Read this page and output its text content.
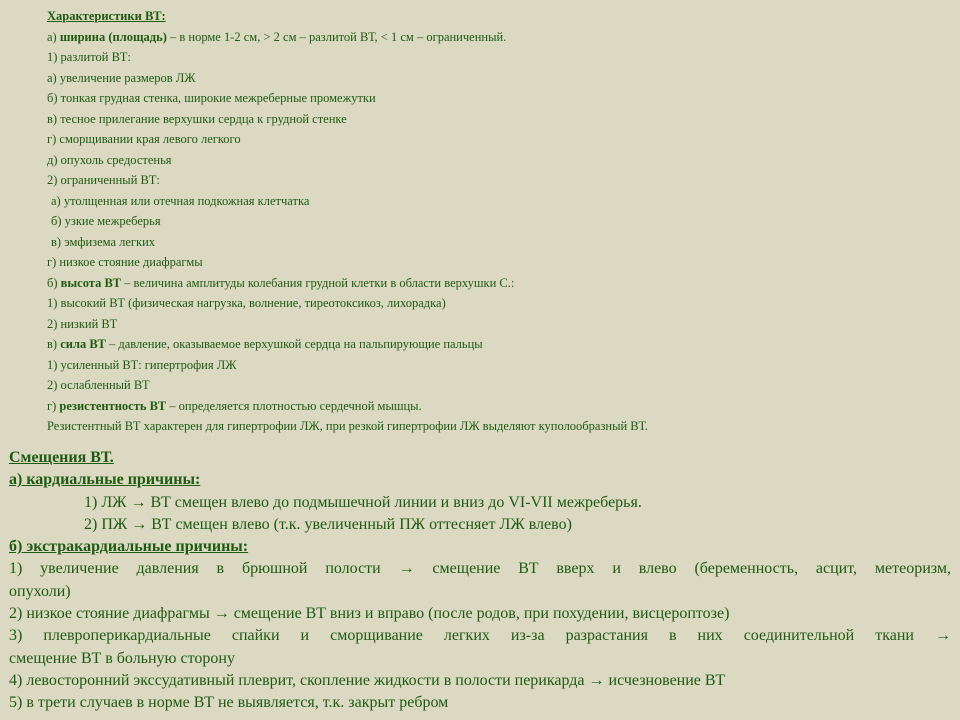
Характеристики ВТ:
а) ширина (площадь) – в норме 1-2 см, > 2 см – разлитой ВТ, < 1 см – ограниченный.
1) разлитой ВТ:
а) увеличение размеров ЛЖ
б) тонкая грудная стенка, широкие межреберные промежутки
в) тесное прилегание верхушки сердца к грудной стенке
г) сморщивании края левого легкого
д) опухоль средостенья
2) ограниченный ВТ:
а) утолщенная или отечная подкожная клетчатка
б) узкие межреберья
в) эмфизема легких
г) низкое стояние диафрагмы
б) высота ВТ – величина амплитуды колебания грудной клетки в области верхушки С.:
1) высокий ВТ (физическая нагрузка, волнение, тиреотоксикоз, лихорадка)
2) низкий ВТ
в) сила ВТ – давление, оказываемое верхушкой сердца на пальпирующие пальцы
1) усиленный ВТ: гипертрофия ЛЖ
2) ослабленный ВТ
г) резистентность ВТ – определяется плотностью сердечной мышцы.
Резистентный ВТ характерен для гипертрофии ЛЖ, при резкой гипертрофии ЛЖ выделяют куполообразный ВТ.
Смещения ВТ.
а) кардиальные причины:
1) ЛЖ → ВТ смещен влево до подмышечной линии и вниз до VI-VII межреберья.
2) ПЖ → ВТ смещен влево (т.к. увеличенный ПЖ оттесняет ЛЖ влево)
б) экстракардиальные причины:
1) увеличение давления в брюшной полости → смещение ВТ вверх и влево (беременность, асцит, метеоризм,
опухоли)
2) низкое стояние диафрагмы → смещение ВТ вниз и вправо (после родов, при похудении, висцероптозе)
3) плевроперикардиальные спайки и сморщивание легких из-за разрастания в них соединительной ткани →
смещение ВТ в больную сторону
4) левосторонний экссудативный плеврит, скопление жидкости в полости перикарда → исчезновение ВТ
5) в трети случаев в норме ВТ не выявляется, т.к. закрыт ребром
